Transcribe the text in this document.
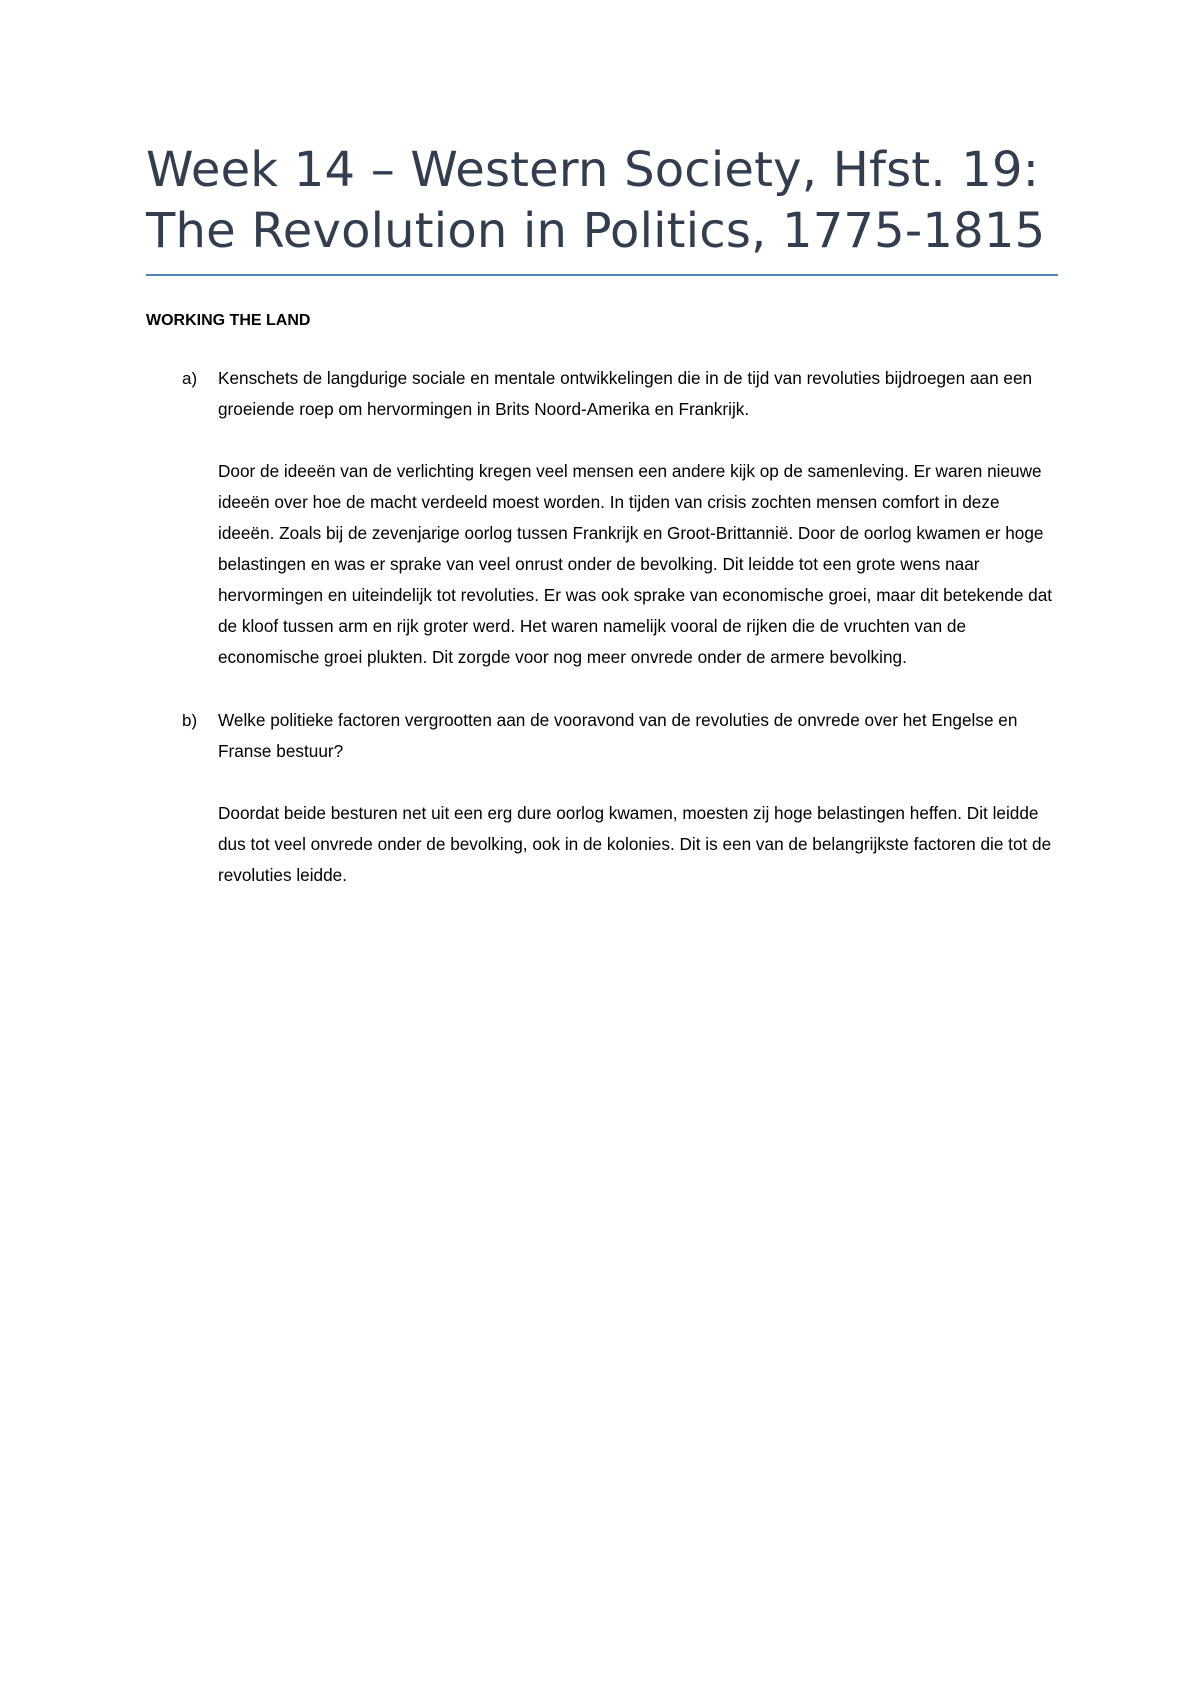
Week 14 – Western Society, Hfst. 19: The Revolution in Politics, 1775-1815
WORKING THE LAND
a) Kenschets de langdurige sociale en mentale ontwikkelingen die in de tijd van revoluties bijdroegen aan een groeiende roep om hervormingen in Brits Noord-Amerika en Frankrijk.

Door de ideeën van de verlichting kregen veel mensen een andere kijk op de samenleving. Er waren nieuwe ideeën over hoe de macht verdeeld moest worden. In tijden van crisis zochten mensen comfort in deze ideeën. Zoals bij de zevenjarige oorlog tussen Frankrijk en Groot-Brittannië. Door de oorlog kwamen er hoge belastingen en was er sprake van veel onrust onder de bevolking. Dit leidde tot een grote wens naar hervormingen en uiteindelijk tot revoluties. Er was ook sprake van economische groei, maar dit betekende dat de kloof tussen arm en rijk groter werd. Het waren namelijk vooral de rijken die de vruchten van de economische groei plukten. Dit zorgde voor nog meer onvrede onder de armere bevolking.

b) Welke politieke factoren vergrootten aan de vooravond van de revoluties de onvrede over het Engelse en Franse bestuur?

Doordat beide besturen net uit een erg dure oorlog kwamen, moesten zij hoge belastingen heffen. Dit leidde dus tot veel onvrede onder de bevolking, ook in de kolonies. Dit is een van de belangrijkste factoren die tot de revoluties leidde.
